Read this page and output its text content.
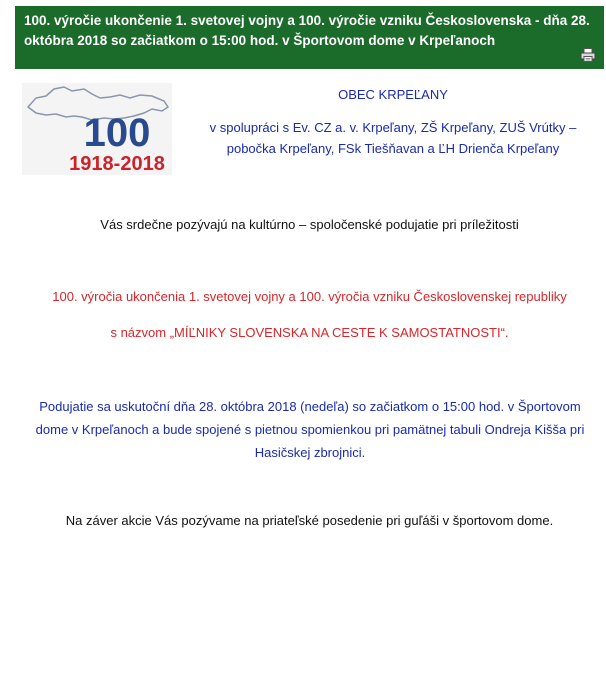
100. výročie ukončenie 1. svetovej vojny a 100. výročie vzniku Československa - dňa 28. októbra 2018 so začiatkom o 15:00 hod. v Športovom dome v Krpeľanoch
100
1918-2018

OBEC KRPEĽANY

v spolupráci s Ev. CZ a. v. Krpeľany, ZŠ Krpeľany, ZUŠ Vrútky – pobočka Krpeľany, FSk Tiešňavan a ĽH Drienča Krpeľany

Vás srdečne pozývajú na kultúrno – spoločenské podujatie pri príležitosti

100. výročia ukončenia 1. svetovej vojny a 100. výročia vzniku Československej republiky

s názvom „MÍĽNIKY SLOVENSKA NA CESTE K SAMOSTATNOSTI“.

Podujatie sa uskutoční dňa 28. októbra 2018 (nedeľa) so začiatkom o 15:00 hod. v Športovom dome v Krpeľanoch a bude spojené s pietnou spomienkou pri pamätnej tabuli Ondreja Kišša pri Hasičskej zbrojnici.

Na záver akcie Vás pozývame na priateľské posedenie pri guľáši v športovom dome.
